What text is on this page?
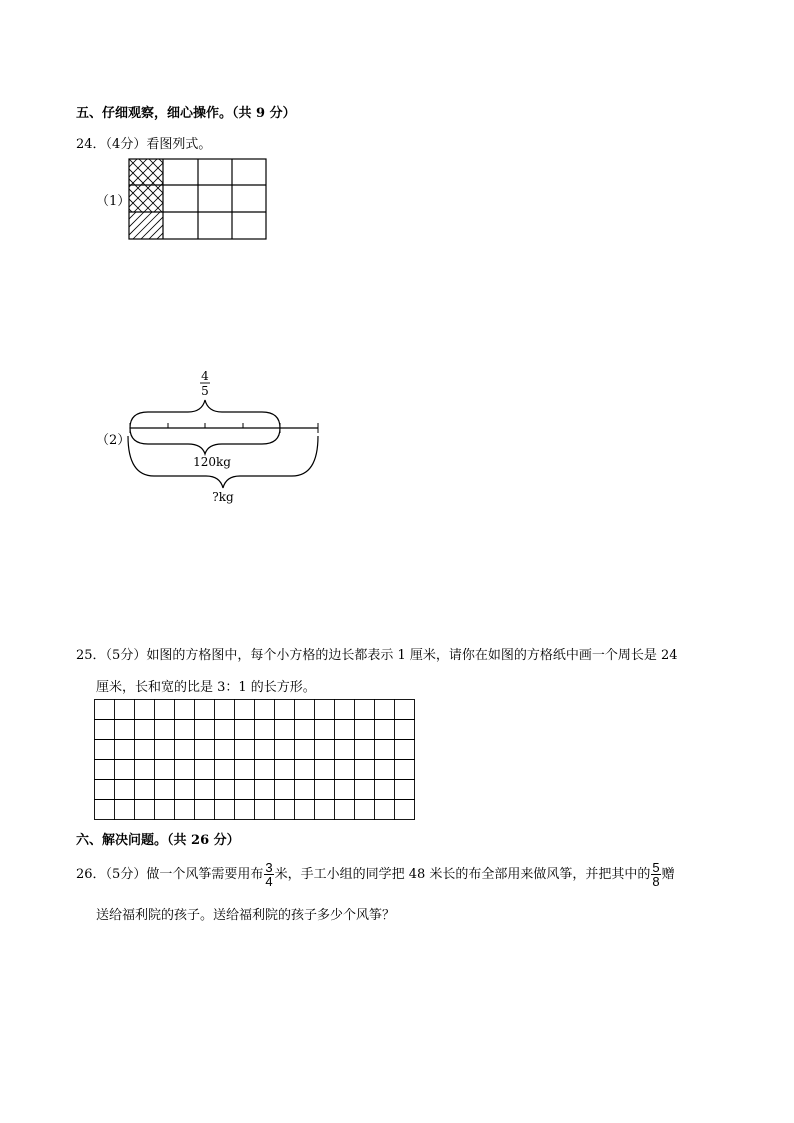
五、仔细观察，细心操作。（共 9 分）
24．（4分）看图列式。
（1）
（2）
4
5
120kg
?kg
25．（5分）如图的方格图中，每个小方格的边长都表示 1 厘米，请你在如图的方格纸中画一个周长是 24
厘米，长和宽的比是 3：1 的长方形。
六、解决问题。（共 26 分）
26．（5分）做一个风筝需要用布 $\frac{3}{4}$ 米，手工小组的同学把 48 米长的布全部用来做风筝，并把其中的 $\frac{5}{8}$ 赠
送给福利院的孩子。送给福利院的孩子多少个风筝？
